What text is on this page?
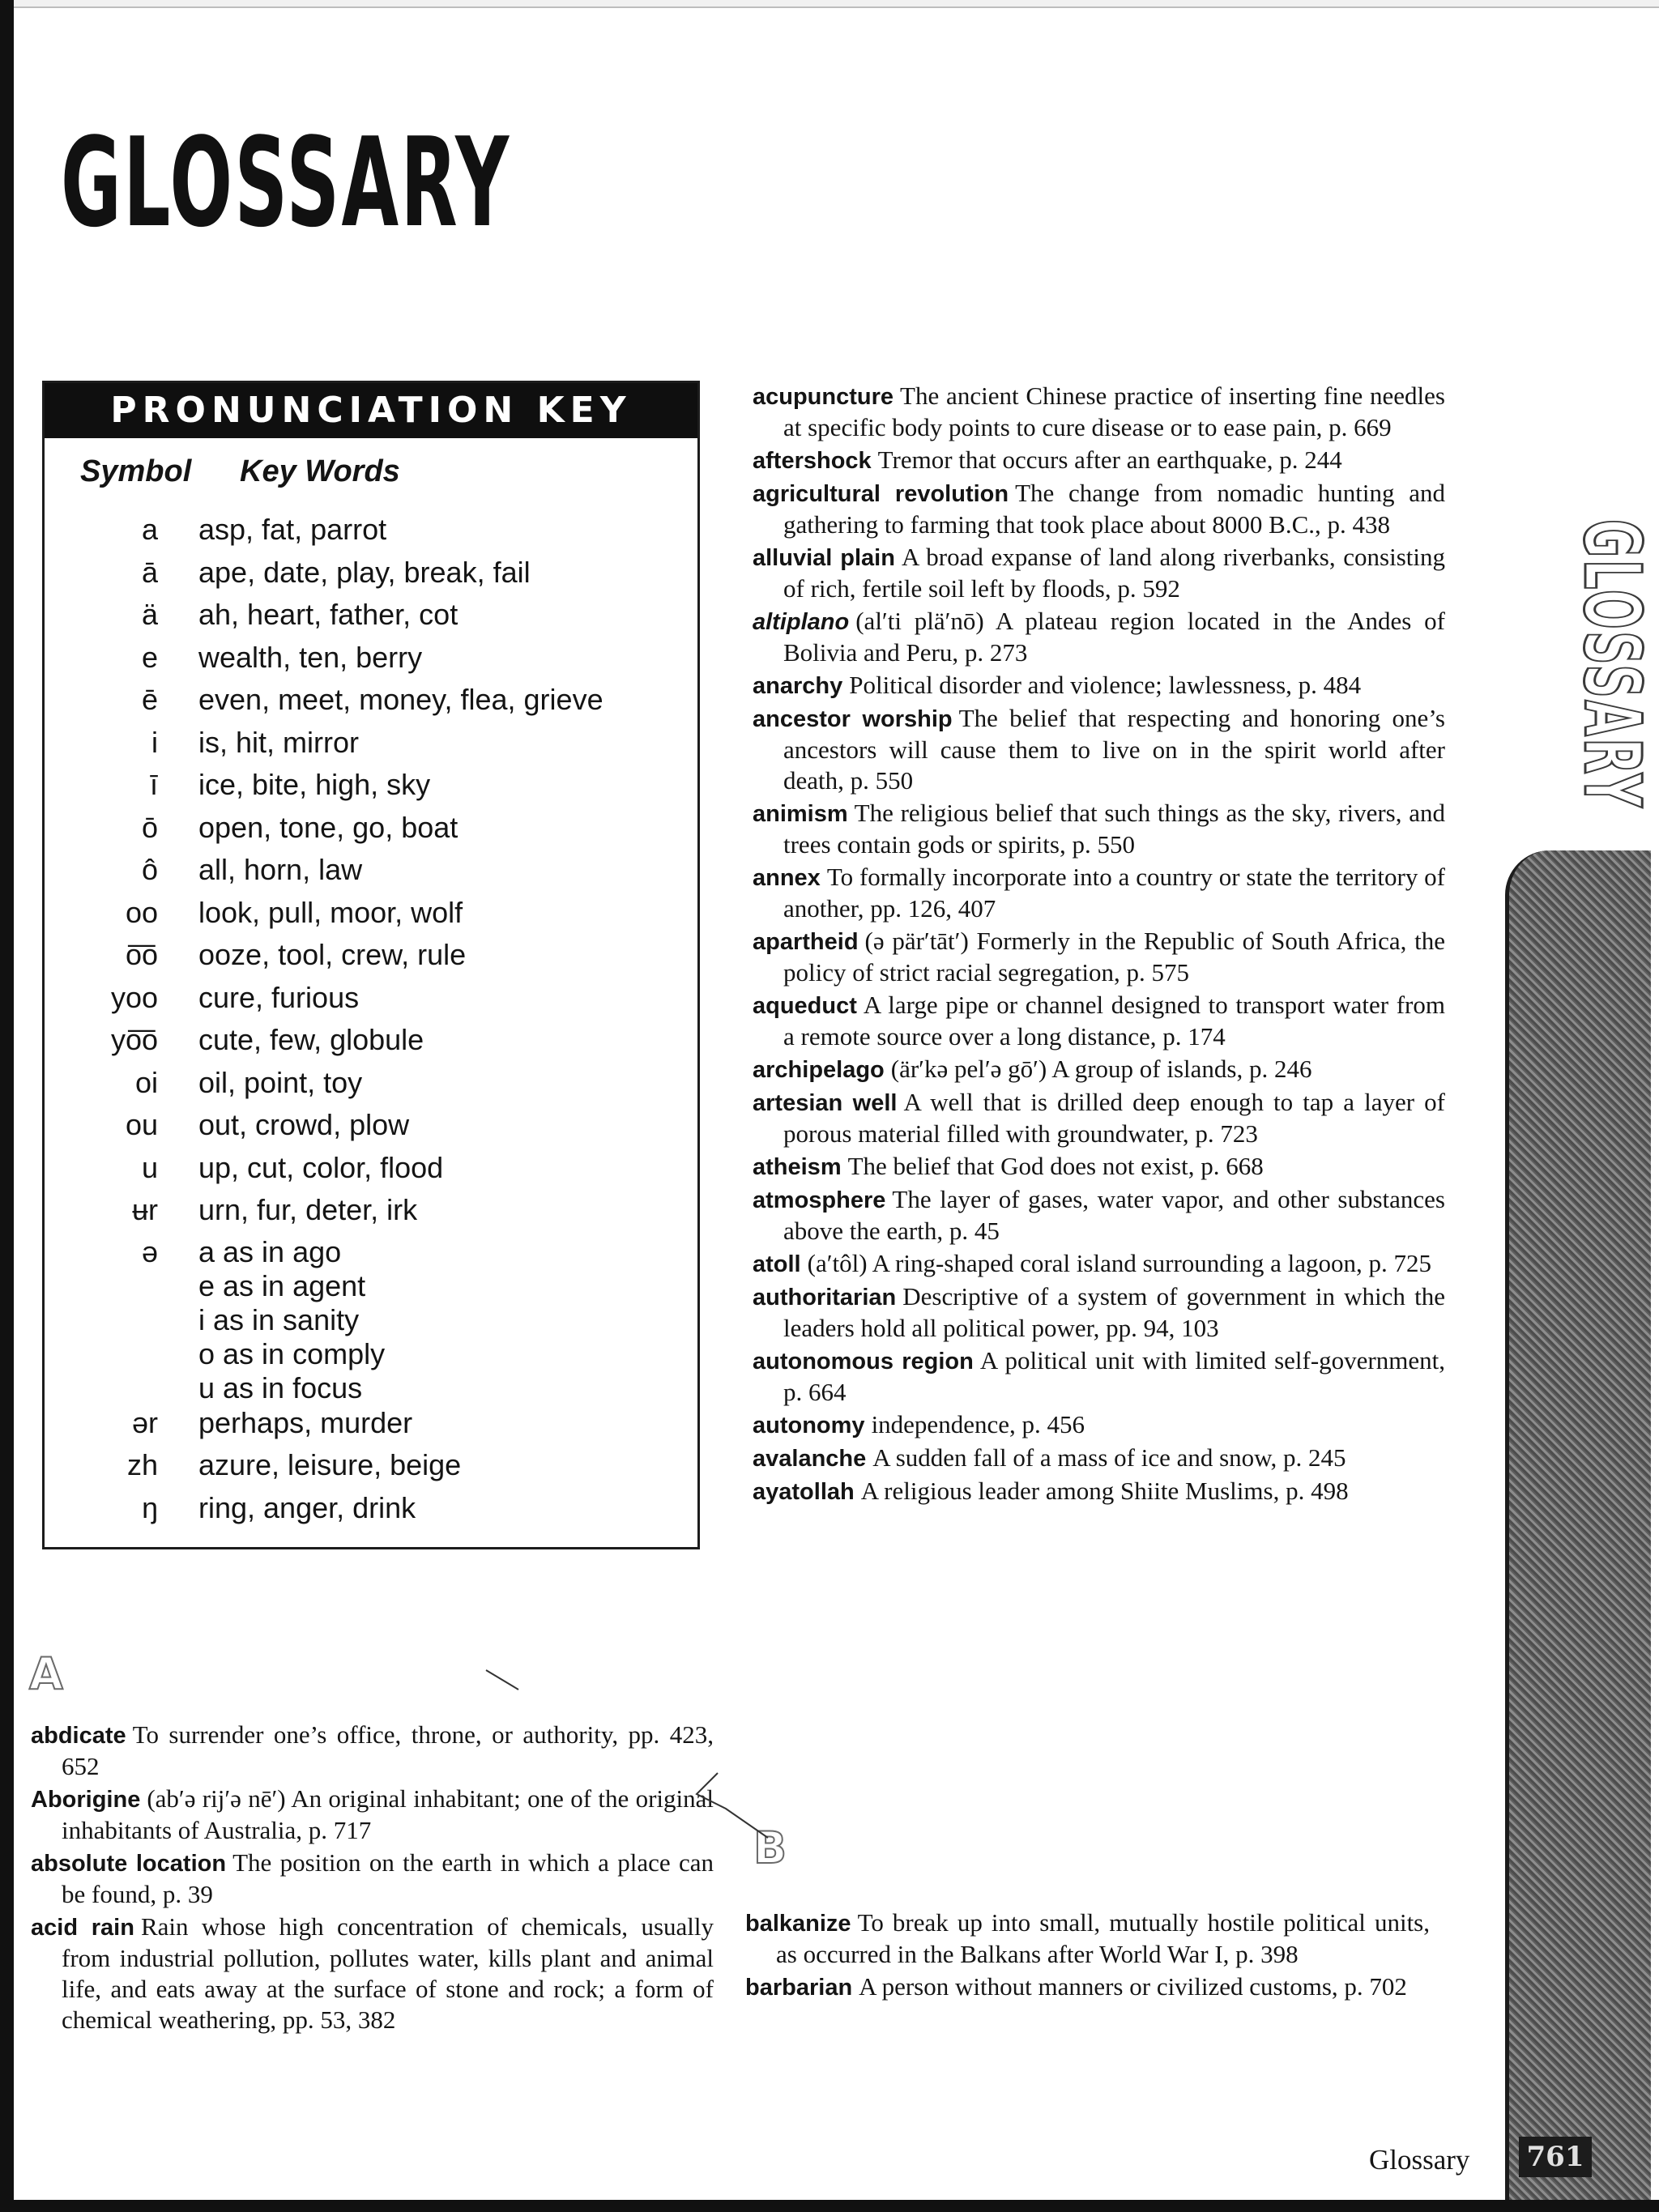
GLOSSARY
PRONUNCIATION KEY
Symbol Key Words
a	asp, fat, parrot
ā	ape, date, play, break, fail
ä	ah, heart, father, cot
e	wealth, ten, berry
ē	even, meet, money, flea, grieve
i	is, hit, mirror
ī	ice, bite, high, sky
ō	open, tone, go, boat
ô	all, horn, law
oo	look, pull, moor, wolf
o͞o	ooze, tool, crew, rule
yoo	cure, furious
yo͞o	cute, few, globule
oi	oil, point, toy
ou	out, crowd, plow
u	up, cut, color, flood
ʉr	urn, fur, deter, irk
ə	a as in ago
e as in agent
i as in sanity
o as in comply
u as in focus
ər	perhaps, murder
zh	azure, leisure, beige
ŋ	ring, anger, drink
A

abdicate To surrender one’s office, throne, or authority, pp. 423, 652

Aborigine (ab′ə rij′ə nē′) An original inhabitant; one of the original inhabitants of Australia, p. 717

absolute location The position on the earth in which a place can be found, p. 39

acid rain Rain whose high concentration of chemicals, usually from industrial pollution, pollutes water, kills plant and animal life, and eats away at the surface of stone and rock; a form of chemical weathering, pp. 53, 382

acupuncture The ancient Chinese practice of inserting fine needles at specific body points to cure disease or to ease pain, p. 669

aftershock Tremor that occurs after an earthquake, p. 244

agricultural revolution The change from nomadic hunting and gathering to farming that took place about 8000 B.C., p. 438

alluvial plain A broad expanse of land along riverbanks, consisting of rich, fertile soil left by floods, p. 592

altiplano (al′ti plä′nō) A plateau region located in the Andes of Bolivia and Peru, p. 273

anarchy Political disorder and violence; lawlessness, p. 484

ancestor worship The belief that respecting and honoring one’s ancestors will cause them to live on in the spirit world after death, p. 550

animism The religious belief that such things as the sky, rivers, and trees contain gods or spirits, p. 550

annex To formally incorporate into a country or state the territory of another, pp. 126, 407

apartheid (ə pär′tāt′) Formerly in the Republic of South Africa, the policy of strict racial segregation, p. 575

aqueduct A large pipe or channel designed to transport water from a remote source over a long distance, p. 174

archipelago (är′kə pel′ə gō′) A group of islands, p. 246

artesian well A well that is drilled deep enough to tap a layer of porous material filled with groundwater, p. 723

atheism The belief that God does not exist, p. 668

atmosphere The layer of gases, water vapor, and other substances above the earth, p. 45

atoll (a′tôl) A ring-shaped coral island surrounding a lagoon, p. 725

authoritarian Descriptive of a system of government in which the leaders hold all political power, pp. 94, 103

autonomous region A political unit with limited self-government, p. 664

autonomy independence, p. 456

avalanche A sudden fall of a mass of ice and snow, p. 245

ayatollah A religious leader among Shiite Muslims, p. 498

B

balkanize To break up into small, mutually hostile political units, as occurred in the Balkans after World War I, p. 398

barbarian A person without manners or civilized customs, p. 702

GLOSSARY
Glossary 761
